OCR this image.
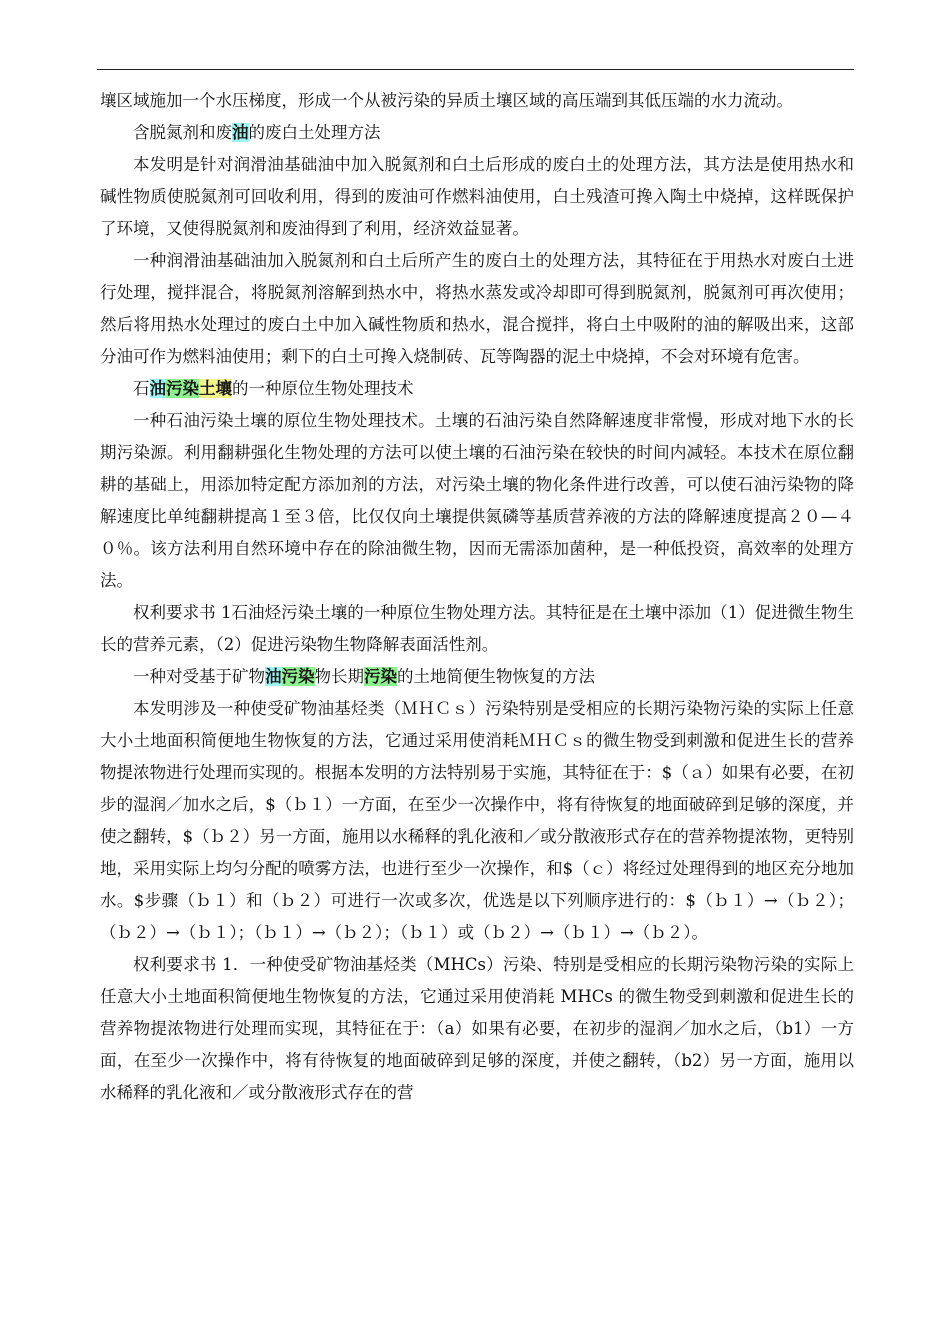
壤区域施加一个水压梯度，形成一个从被污染的异质土壤区域的高压端到其低压端的水力流动。

含脱氮剂和废油的废白土处理方法

本发明是针对润滑油基础油中加入脱氮剂和白土后形成的废白土的处理方法，其方法是使用热水和碱性物质使脱氮剂可回收利用，得到的废油可作燃料油使用，白土残渣可搀入陶土中烧掉，这样既保护了环境，又使得脱氮剂和废油得到了利用，经济效益显著。

一种润滑油基础油加入脱氮剂和白土后所产生的废白土的处理方法，其特征在于用热水对废白土进行处理，搅拌混合，将脱氮剂溶解到热水中，将热水蒸发或冷却即可得到脱氮剂，脱氮剂可再次使用；然后将用热水处理过的废白土中加入碱性物质和热水，混合搅拌，将白土中吸附的油的解吸出来，这部分油可作为燃料油使用；剩下的白土可搀入烧制砖、瓦等陶器的泥土中烧掉，不会对环境有危害。

石油污染土壤的一种原位生物处理技术

一种石油污染土壤的原位生物处理技术。土壤的石油污染自然降解速度非常慢，形成对地下水的长期污染源。利用翻耕强化生物处理的方法可以使土壤的石油污染在较快的时间内减轻。本技术在原位翻耕的基础上，用添加特定配方添加剂的方法，对污染土壤的物化条件进行改善，可以使石油污染物的降解速度比单纯翻耕提高１至３倍，比仅仅向土壤提供氮磷等基质营养液的方法的降解速度提高２０—４０％。该方法利用自然环境中存在的除油微生物，因而无需添加菌种，是一种低投资，高效率的处理方法。

权利要求书 1石油烃污染土壤的一种原位生物处理方法。其特征是在土壤中添加（1）促进微生物生长的营养元素，（2）促进污染物生物降解表面活性剂。

一种对受基于矿物油污染物长期污染的土地简便生物恢复的方法

本发明涉及一种使受矿物油基烃类（ＭＨＣｓ）污染特别是受相应的长期污染物污染的实际上任意大小土地面积简便地生物恢复的方法，它通过采用使消耗ＭＨＣｓ的微生物受到刺激和促进生长的营养物提浓物进行处理而实现的。根据本发明的方法特别易于实施，其特征在于：$（ａ）如果有必要，在初步的湿润／加水之后，$（ｂ１）一方面，在至少一次操作中，将有待恢复的地面破碎到足够的深度，并使之翻转，$（ｂ２）另一方面，施用以水稀释的乳化液和／或分散液形式存在的营养物提浓物，更特别地，采用实际上均匀分配的喷雾方法，也进行至少一次操作，和$（ｃ）将经过处理得到的地区充分地加水。$步骤（ｂ１）和（ｂ２）可进行一次或多次，优选是以下列顺序进行的：$（ｂ１）→（ｂ２）；（ｂ２）→（ｂ１）；（ｂ１）→（ｂ２）；（ｂ１）或（ｂ２）→（ｂ１）→（ｂ２）。

权利要求书 1．一种使受矿物油基烃类（MHCs）污染、特别是受相应的长期污染物污染的实际上任意大小土地面积简便地生物恢复的方法，它通过采用使消耗 MHCs 的微生物受到刺激和促进生长的营养物提浓物进行处理而实现，其特征在于：（a）如果有必要，在初步的湿润／加水之后，（b1）一方面，在至少一次操作中，将有待恢复的地面破碎到足够的深度，并使之翻转，（b2）另一方面，施用以水稀释的乳化液和／或分散液形式存在的营
